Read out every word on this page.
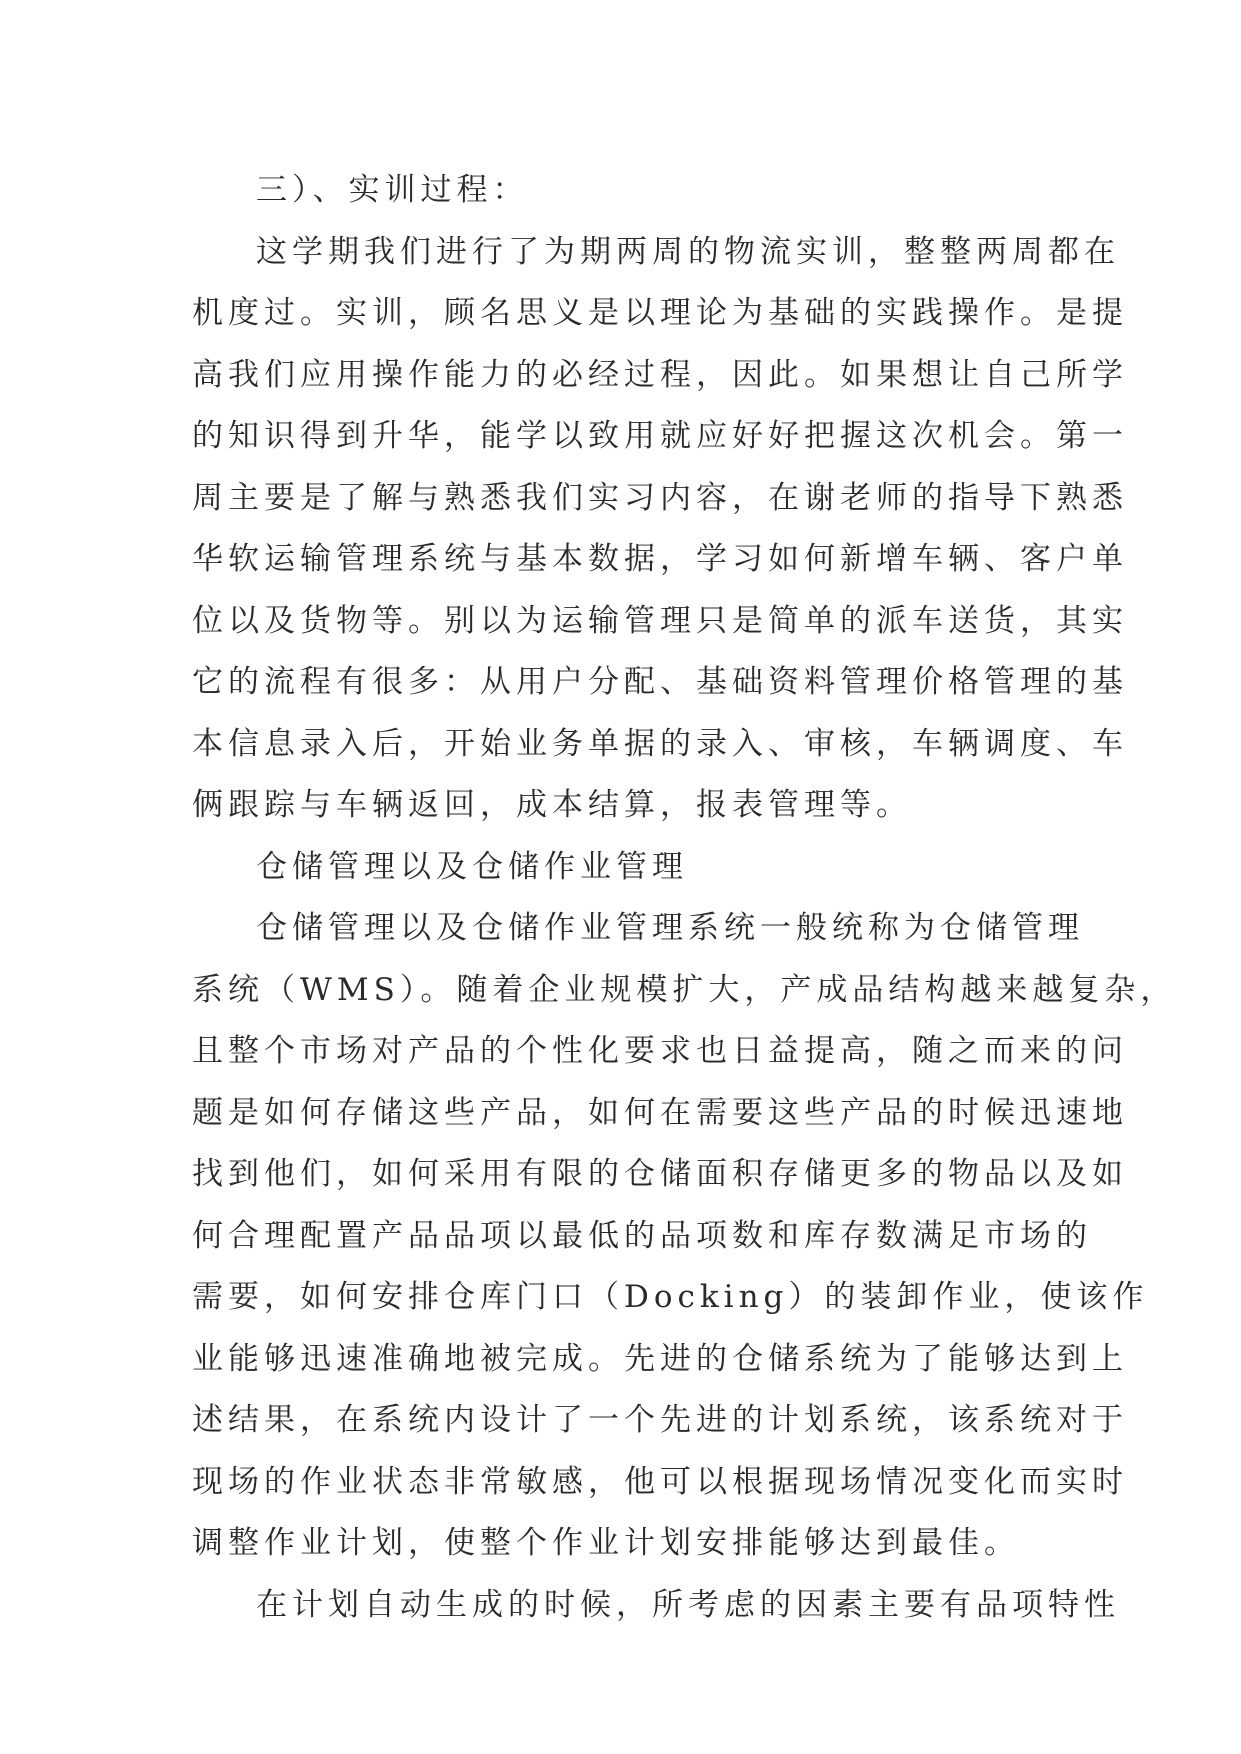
三）、实训过程：
这学期我们进行了为期两周的物流实训，整整两周都在
机度过。实训，顾名思义是以理论为基础的实践操作。是提
高我们应用操作能力的必经过程，因此。如果想让自己所学
的知识得到升华，能学以致用就应好好把握这次机会。第一
周主要是了解与熟悉我们实习内容，在谢老师的指导下熟悉
华软运输管理系统与基本数据，学习如何新增车辆、客户单
位以及货物等。别以为运输管理只是简单的派车送货，其实
它的流程有很多：从用户分配、基础资料管理价格管理的基
本信息录入后，开始业务单据的录入、审核，车辆调度、车
俩跟踪与车辆返回，成本结算，报表管理等。
仓储管理以及仓储作业管理
仓储管理以及仓储作业管理系统一般统称为仓储管理
系统（WMS）。随着企业规模扩大，产成品结构越来越复杂，
且整个市场对产品的个性化要求也日益提高，随之而来的问
题是如何存储这些产品，如何在需要这些产品的时候迅速地
找到他们，如何采用有限的仓储面积存储更多的物品以及如
何合理配置产品品项以最低的品项数和库存数满足市场的
需要，如何安排仓库门口（Docking）的装卸作业，使该作
业能够迅速准确地被完成。先进的仓储系统为了能够达到上
述结果，在系统内设计了一个先进的计划系统，该系统对于
现场的作业状态非常敏感，他可以根据现场情况变化而实时
调整作业计划，使整个作业计划安排能够达到最佳。
在计划自动生成的时候，所考虑的因素主要有品项特性
